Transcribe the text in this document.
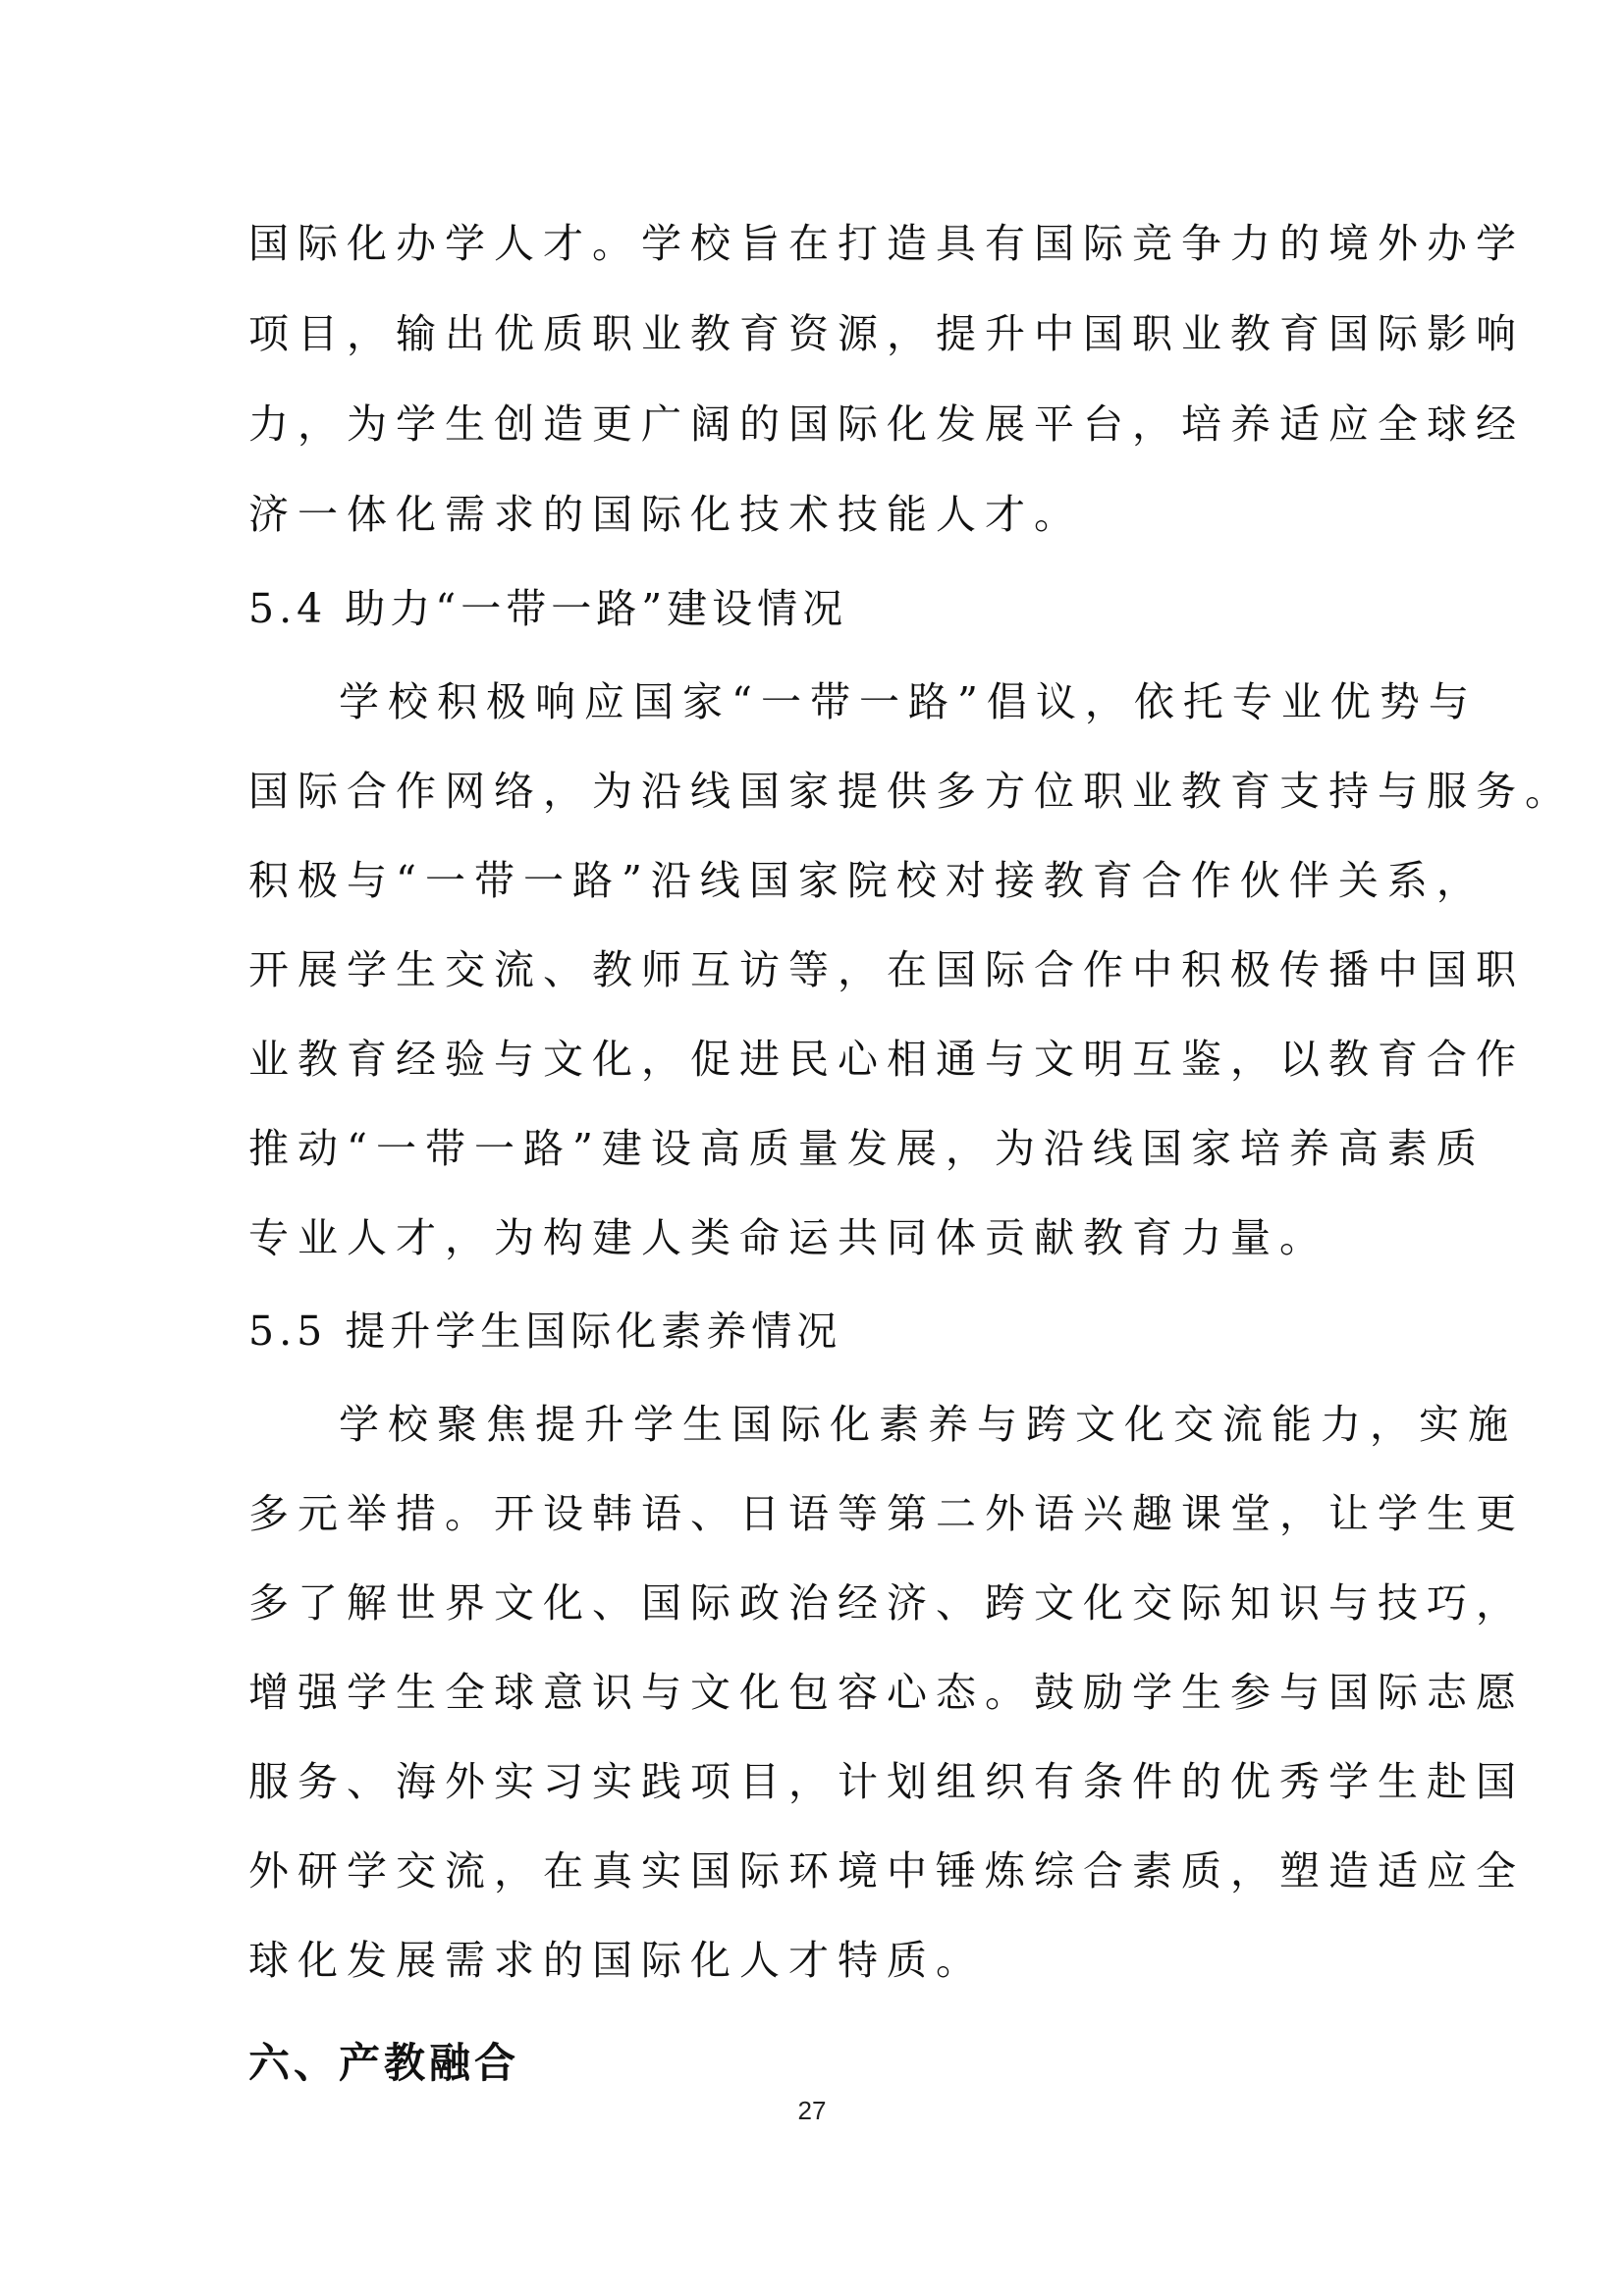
国际化办学人才。学校旨在打造具有国际竞争力的境外办学
项目，输出优质职业教育资源，提升中国职业教育国际影响
力，为学生创造更广阔的国际化发展平台，培养适应全球经
济一体化需求的国际化技术技能人才。
5.4 助力“一带一路”建设情况
学校积极响应国家“一带一路”倡议，依托专业优势与
国际合作网络，为沿线国家提供多方位职业教育支持与服务。
积极与“一带一路”沿线国家院校对接教育合作伙伴关系，
开展学生交流、教师互访等，在国际合作中积极传播中国职
业教育经验与文化，促进民心相通与文明互鉴，以教育合作
推动“一带一路”建设高质量发展，为沿线国家培养高素质
专业人才，为构建人类命运共同体贡献教育力量。
5.5 提升学生国际化素养情况
学校聚焦提升学生国际化素养与跨文化交流能力，实施
多元举措。开设韩语、日语等第二外语兴趣课堂，让学生更
多了解世界文化、国际政治经济、跨文化交际知识与技巧，
增强学生全球意识与文化包容心态。鼓励学生参与国际志愿
服务、海外实习实践项目，计划组织有条件的优秀学生赴国
外研学交流，在真实国际环境中锤炼综合素质，塑造适应全
球化发展需求的国际化人才特质。
六、产教融合
27
